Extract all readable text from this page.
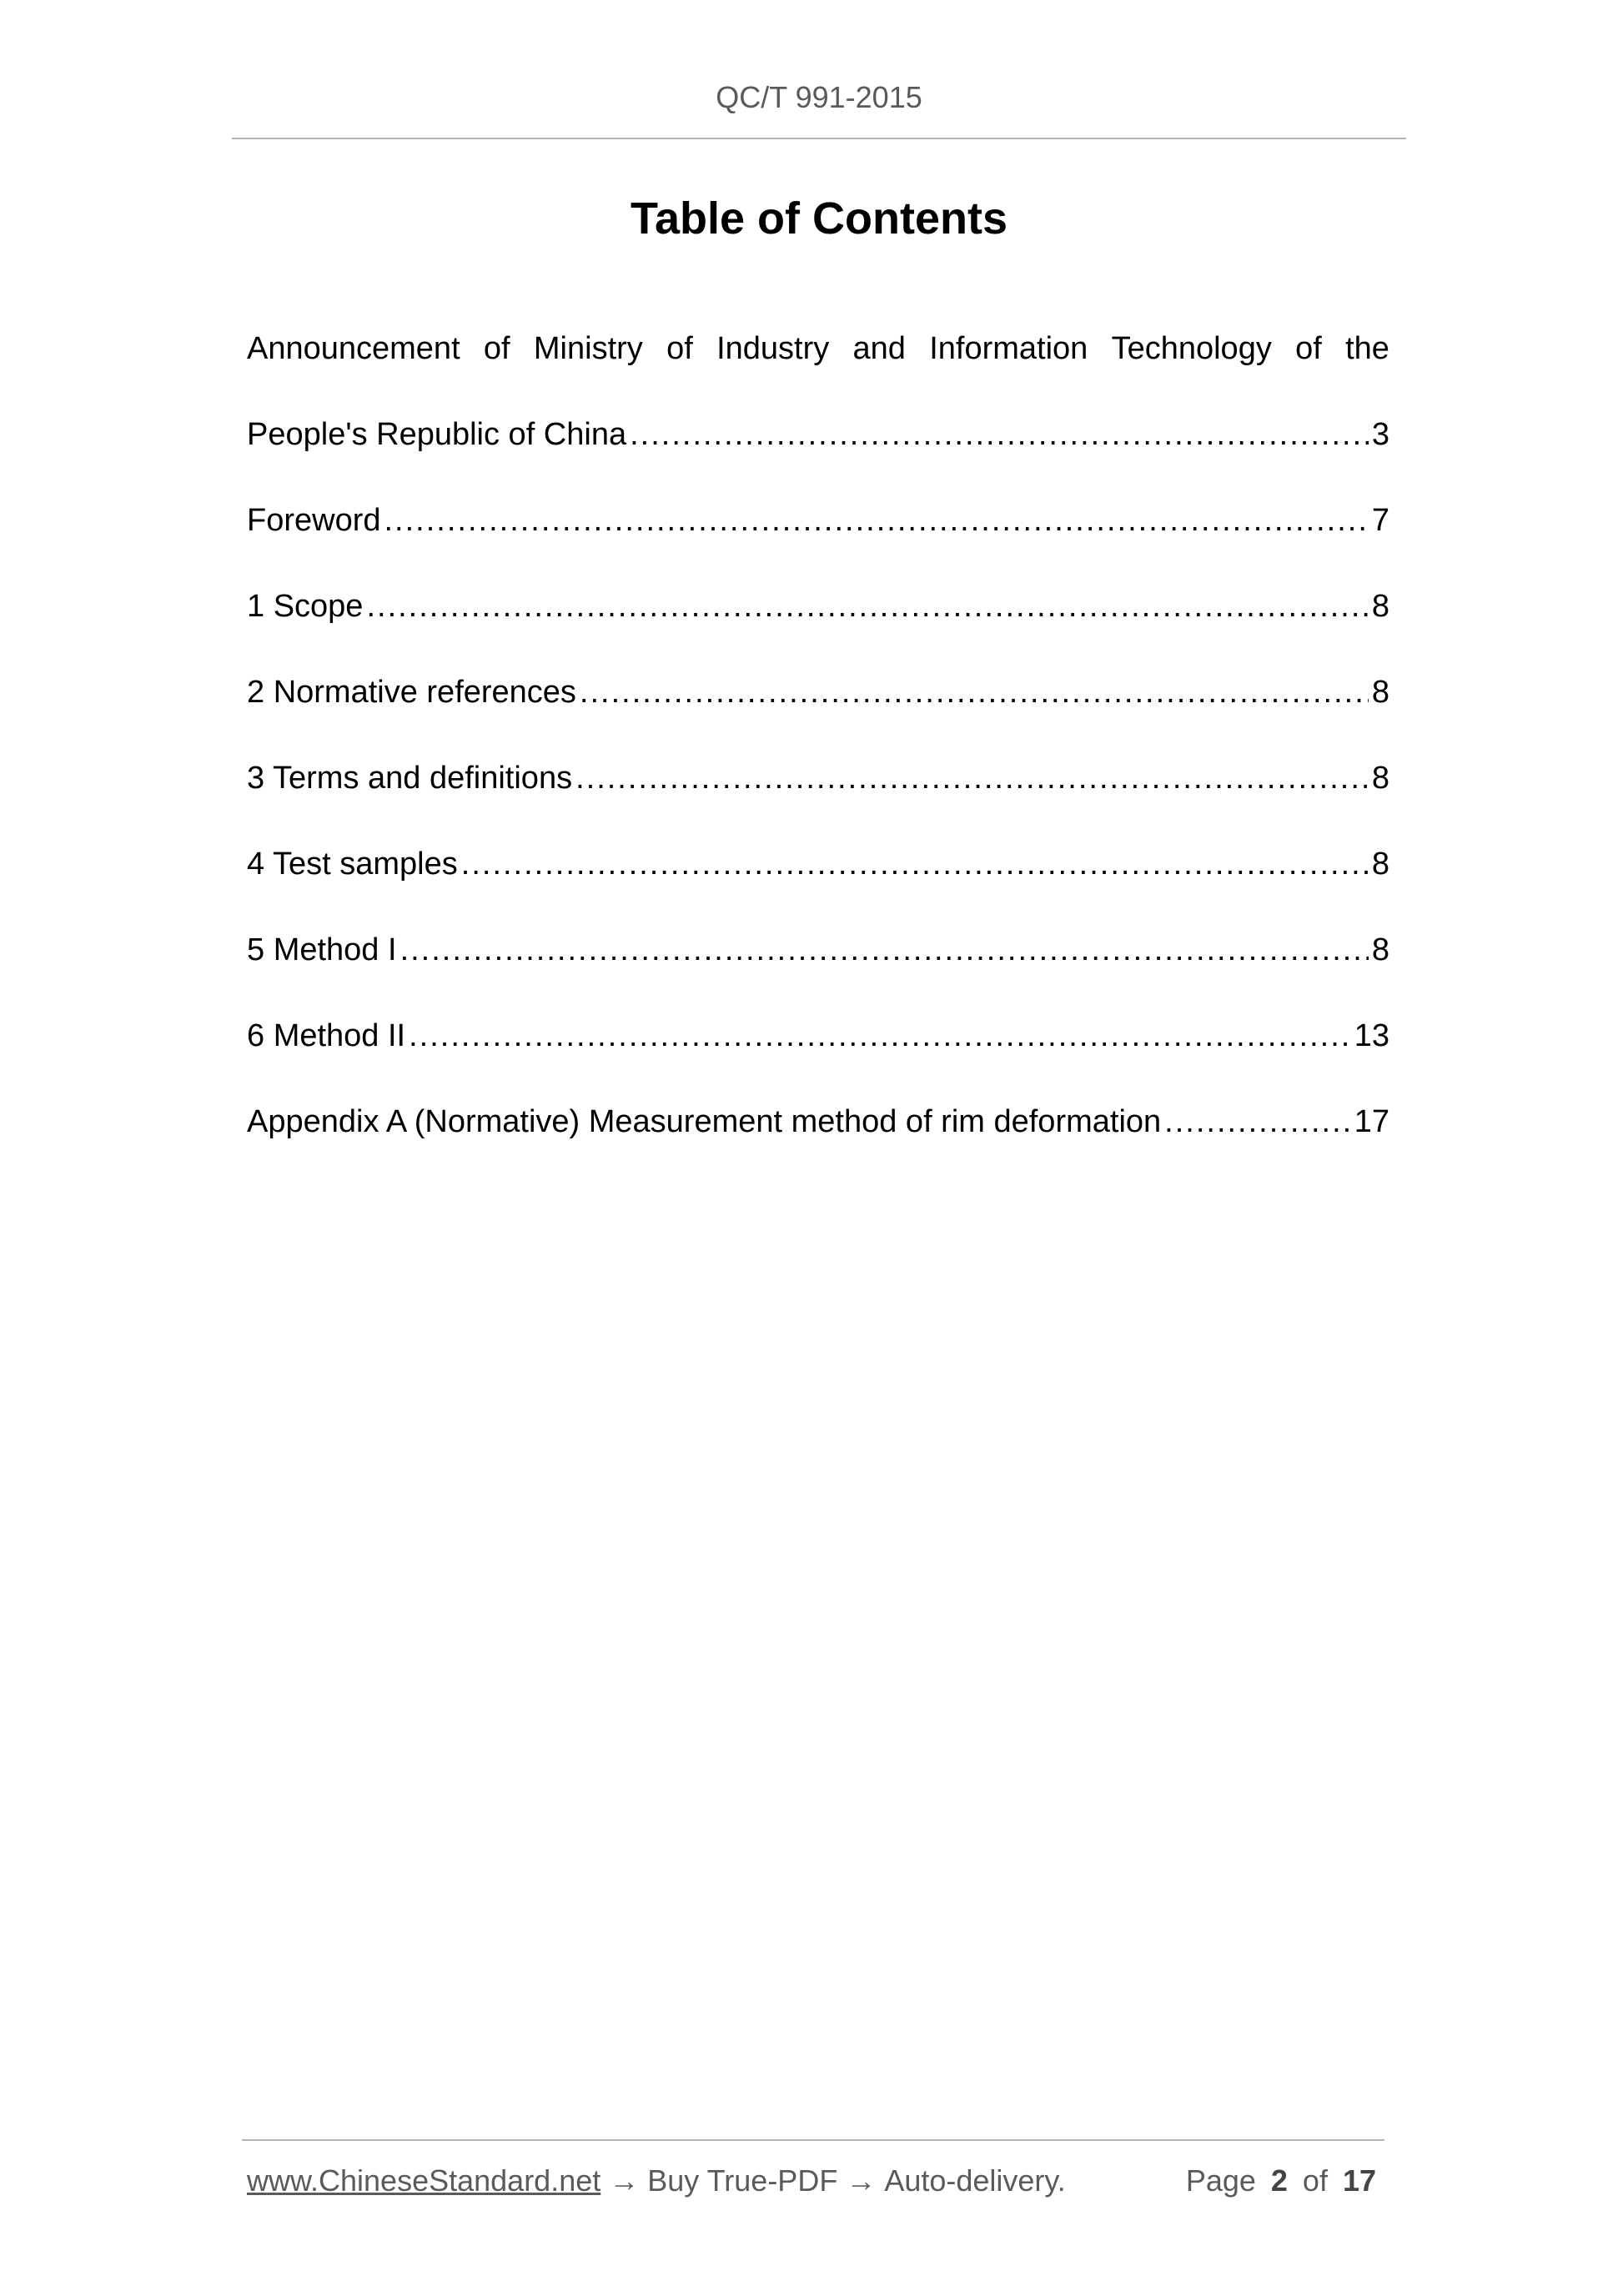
QC/T 991-2015
Table of Contents
Announcement of Ministry of Industry and Information Technology of the
People's Republic of China .....	3
Foreword .....	7
1 Scope .....	8
2 Normative references .....	8
3 Terms and definitions .....	8
4 Test samples .....	8
5 Method I .....	8
6 Method II .....	13
Appendix A (Normative) Measurement method of rim deformation .....	17
www.ChineseStandard.net → Buy True-PDF → Auto-delivery.	Page 2 of 17
